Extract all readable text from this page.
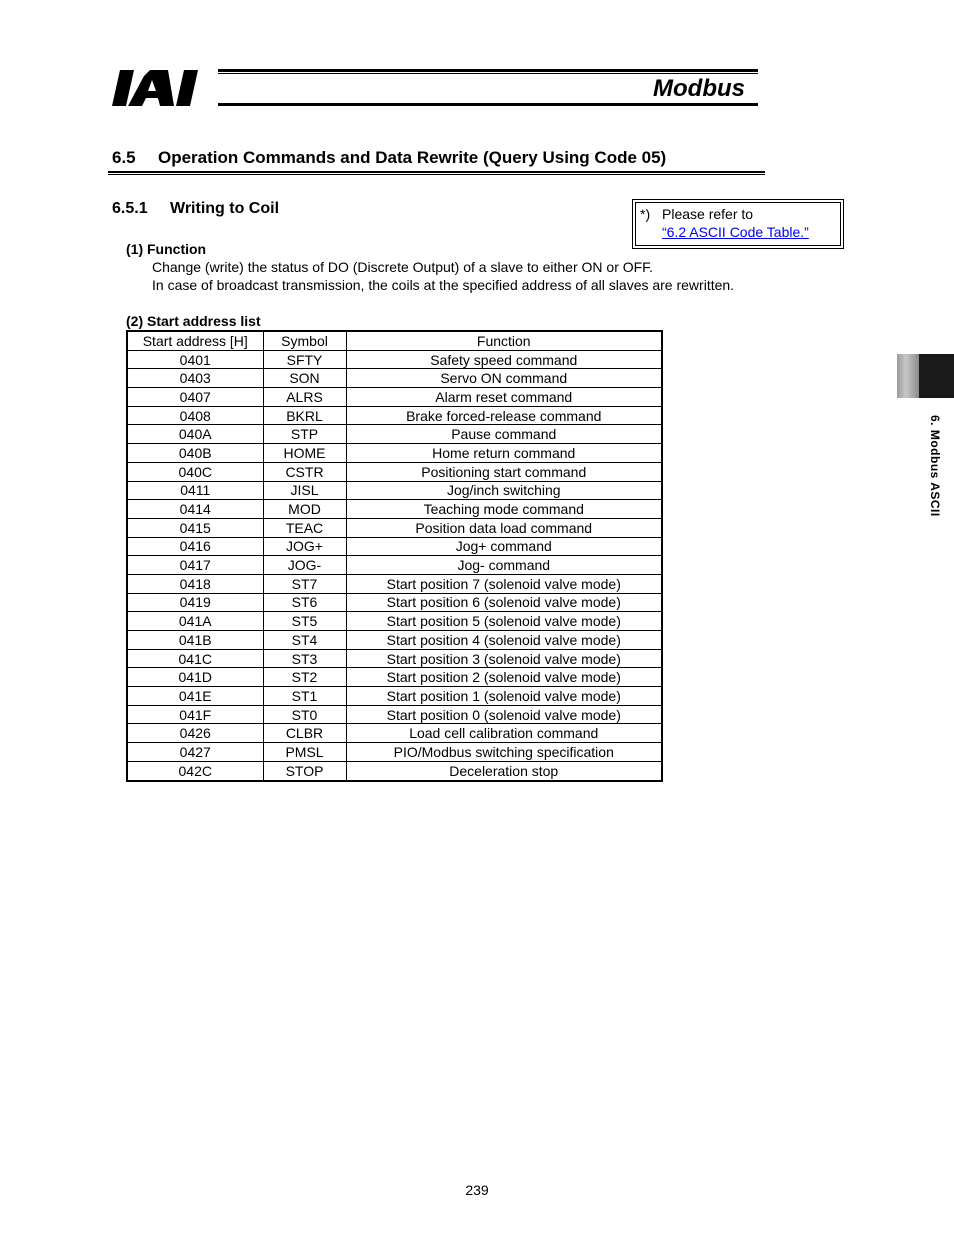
Modbus
6.5 Operation Commands and Data Rewrite (Query Using Code 05)
6.5.1 Writing to Coil	*) Please refer to
“6.2 ASCII Code Table.”
(1) Function
Change (write) the status of DO (Discrete Output) of a slave to either ON or OFF.
In case of broadcast transmission, the coils at the specified address of all slaves are rewritten.
(2) Start address list
Start address [H]	Symbol	Function
0401	SFTY	Safety speed command
0403	SON	Servo ON command
0407	ALRS	Alarm reset command
0408	BKRL	Brake forced-release command
040A	STP	Pause command
040B	HOME	Home return command
040C	CSTR	Positioning start command
0411	JISL	Jog/inch switching
0414	MOD	Teaching mode command
0415	TEAC	Position data load command
0416	JOG+	Jog+ command
0417	JOG-	Jog- command
0418	ST7	Start position 7 (solenoid valve mode)
0419	ST6	Start position 6 (solenoid valve mode)
041A	ST5	Start position 5 (solenoid valve mode)
041B	ST4	Start position 4 (solenoid valve mode)
041C	ST3	Start position 3 (solenoid valve mode)
041D	ST2	Start position 2 (solenoid valve mode)
041E	ST1	Start position 1 (solenoid valve mode)
041F	ST0	Start position 0 (solenoid valve mode)
0426	CLBR	Load cell calibration command
0427	PMSL	PIO/Modbus switching specification
042C	STOP	Deceleration stop
6. Modbus ASCII
239
